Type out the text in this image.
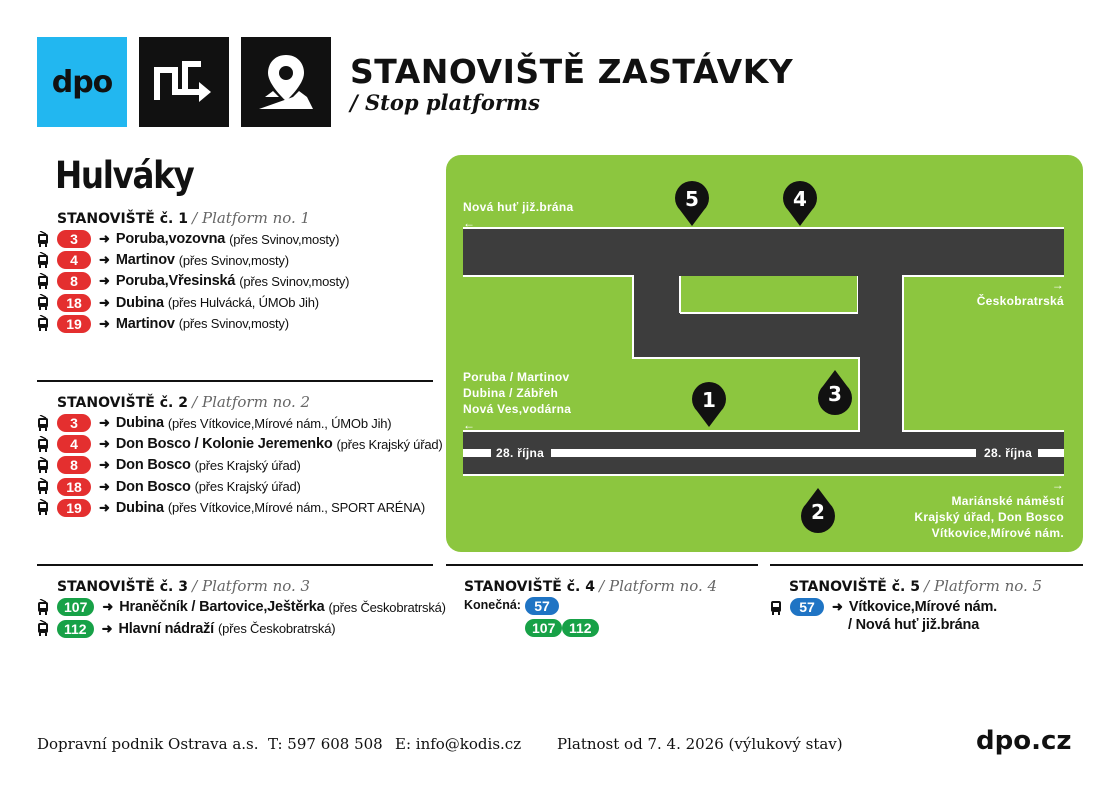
dpo	STANOVIŠTĚ ZASTÁVKY
/ Stop platforms
Hulváky
STANOVIŠTĚ č. 1 / Platform no. 1
3	➜ Poruba,vozovna (přes Svinov,mosty)
4	➜ Martinov (přes Svinov,mosty)
8	➜ Poruba,Vřesinská (přes Svinov,mosty)
18	➜ Dubina (přes Hulvácká, ÚMOb Jih)
19	➜ Martinov (přes Svinov,mosty)
STANOVIŠTĚ č. 2 / Platform no. 2
3	➜ Dubina (přes Vítkovice,Mírové nám., ÚMOb Jih)
4	➜ Don Bosco / Kolonie Jeremenko (přes Krajský úřad)
8	➜ Don Bosco (přes Krajský úřad)
18	➜ Don Bosco (přes Krajský úřad)
19	➜ Dubina (přes Vítkovice,Mírové nám., SPORT ARÉNA)
Nová huť již.brána
←
→
Českobratrská
Poruba / Martinov
Dubina / Zábřeh
Nová Ves,vodárna
←
28. října	28. října
→
Mariánské náměstí
Krajský úřad, Don Bosco
Vítkovice,Mírové nám.
1
2
3
4
5
STANOVIŠTĚ č. 3 / Platform no. 3
107	➜ Hraněčník / Bartovice,Ještěrka (přes Českobratrská)
112	➜ Hlavní nádraží (přes Českobratrská)
STANOVIŠTĚ č. 4 / Platform no. 4
Konečná: 57
107 112
STANOVIŠTĚ č. 5 / Platform no. 5
57	➜ Vítkovice,Mírové nám.
/ Nová huť již.brána
Dopravní podnik Ostrava a.s. T: 597 608 508 E: info@kodis.cz Platnost od 7. 4. 2026 (výlukový stav)	dpo.cz
